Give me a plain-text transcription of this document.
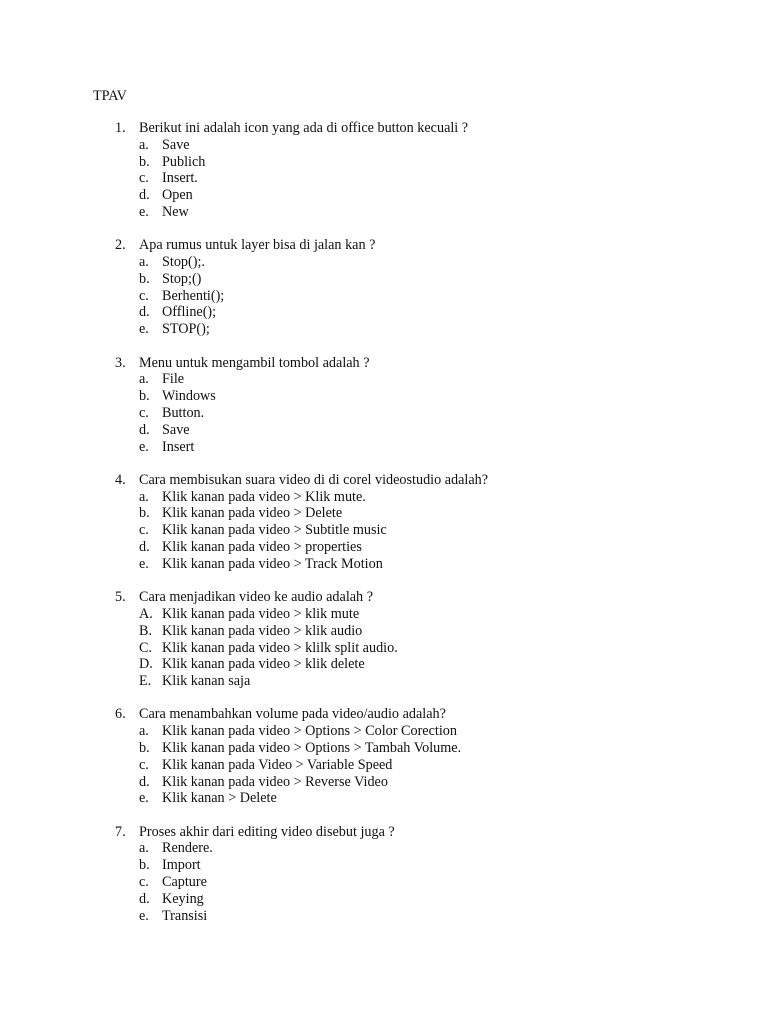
TPAV
1. Berikut ini adalah icon yang ada di office button kecuali ?
a. Save
b. Publich
c. Insert.
d. Open
e. New
2. Apa rumus untuk layer bisa di jalan kan ?
a. Stop();.
b. Stop;()
c. Berhenti();
d. Offline();
e. STOP();
3. Menu untuk mengambil tombol adalah ?
a. File
b. Windows
c. Button.
d. Save
e. Insert
4. Cara membisukan suara video di di corel videostudio adalah?
a. Klik kanan pada video > Klik mute.
b. Klik kanan pada video > Delete
c. Klik kanan pada video > Subtitle music
d. Klik kanan pada video > properties
e. Klik kanan pada video > Track Motion
5. Cara menjadikan video ke audio adalah ?
A. Klik kanan pada video > klik mute
B. Klik kanan pada video > klik audio
C. Klik kanan pada video > klilk split audio.
D. Klik kanan pada video > klik delete
E. Klik kanan saja
6. Cara menambahkan volume pada video/audio adalah?
a. Klik kanan pada video > Options > Color Corection
b. Klik kanan pada video > Options > Tambah Volume.
c. Klik kanan pada Video > Variable Speed
d. Klik kanan pada video > Reverse Video
e. Klik kanan > Delete
7. Proses akhir dari editing video disebut juga ?
a. Rendere.
b. Import
c. Capture
d. Keying
e. Transisi
